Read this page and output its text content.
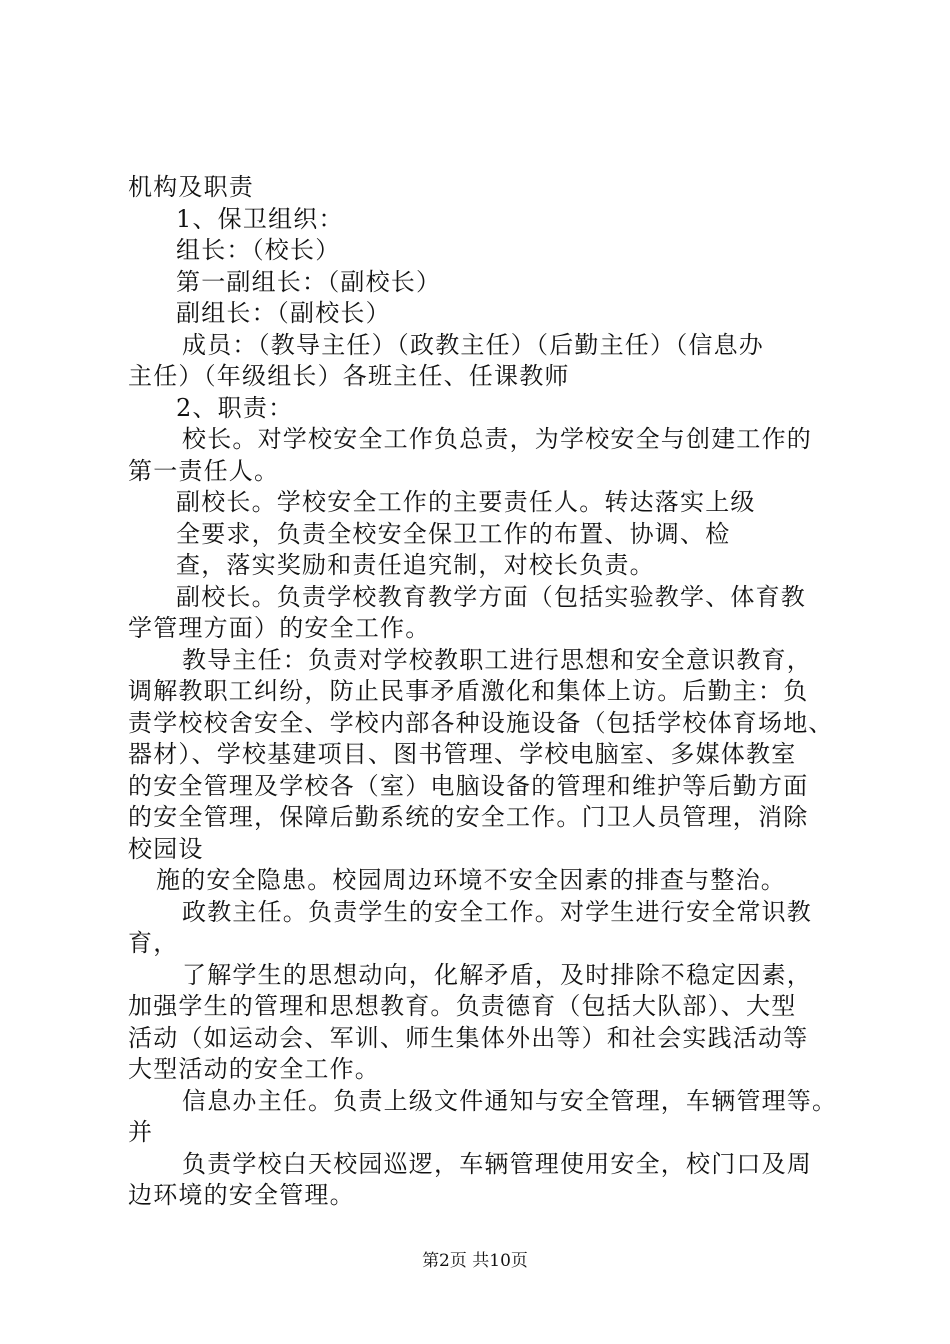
机构及职责

1、保卫组织：

组长：（校长）

第一副组长：（副校长）

副组长：（副校长）

成员：（教导主任）（政教主任）（后勤主任）（信息办

主任）（年级组长）各班主任、任课教师

2、职责：

校长。对学校安全工作负总责，为学校安全与创建工作的

第一责任人。

副校长。学校安全工作的主要责任人。转达落实上级

全要求，负责全校安全保卫工作的布置、协调、检

查，落实奖励和责任追究制，对校长负责。

副校长。负责学校教育教学方面（包括实验教学、体育教

学管理方面）的安全工作。

教导主任：负责对学校教职工进行思想和安全意识教育，

调解教职工纠纷，防止民事矛盾激化和集体上访。后勤主：负

责学校校舍安全、学校内部各种设施设备（包括学校体育场地、

器材）、学校基建项目、图书管理、学校电脑室、多媒体教室

的安全管理及学校各（室）电脑设备的管理和维护等后勤方面

的安全管理，保障后勤系统的安全工作。门卫人员管理，消除

校园设

施的安全隐患。校园周边环境不安全因素的排查与整治。

政教主任。负责学生的安全工作。对学生进行安全常识教

育，

了解学生的思想动向，化解矛盾，及时排除不稳定因素，

加强学生的管理和思想教育。负责德育（包括大队部）、大型

活动（如运动会、军训、师生集体外出等）和社会实践活动等

大型活动的安全工作。

信息办主任。负责上级文件通知与安全管理，车辆管理等。

并

负责学校白天校园巡逻，车辆管理使用安全，校门口及周

边环境的安全管理。

第2页 共10页
